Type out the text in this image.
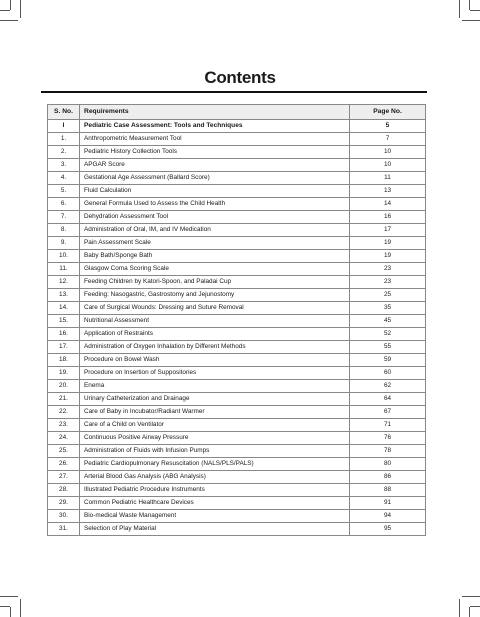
Contents
S. No.	Requirements	Page No.
I	Pediatric Case Assessment: Tools and Techniques	5
1.	Anthropometric Measurement Tool	7
2.	Pediatric History Collection Tools	10
3.	APGAR Score	10
4.	Gestational Age Assessment (Ballard Score)	11
5.	Fluid Calculation	13
6.	General Formula Used to Assess the Child Health	14
7.	Dehydration Assessment Tool	16
8.	Administration of Oral, IM, and IV Medication	17
9.	Pain Assessment Scale	19
10.	Baby Bath/Sponge Bath	19
11.	Glasgow Coma Scoring Scale	23
12.	Feeding Children by Katori-Spoon, and Paladai Cup	23
13.	Feeding: Nasogastric, Gastrostomy and Jejunostomy	25
14.	Care of Surgical Wounds: Dressing and Suture Removal	35
15.	Nutritional Assessment	45
16.	Application of Restraints	52
17.	Administration of Oxygen Inhalation by Different Methods	55
18.	Procedure on Bowel Wash	59
19.	Procedure on Insertion of Suppositories	60
20.	Enema	62
21.	Urinary Catheterization and Drainage	64
22.	Care of Baby in Incubator/Radiant Warmer	67
23.	Care of a Child on Ventilator	71
24.	Continuous Positive Airway Pressure	76
25.	Administration of Fluids with Infusion Pumps	78
26.	Pediatric Cardiopulmonary Resuscitation (NALS/PLS/PALS)	80
27.	Arterial Blood Gas Analysis (ABG Analysis)	86
28.	Illustrated Pediatric Procedure Instruments	88
29.	Common Pediatric Healthcare Devices	91
30.	Bio-medical Waste Management	94
31.	Selection of Play Material	95
